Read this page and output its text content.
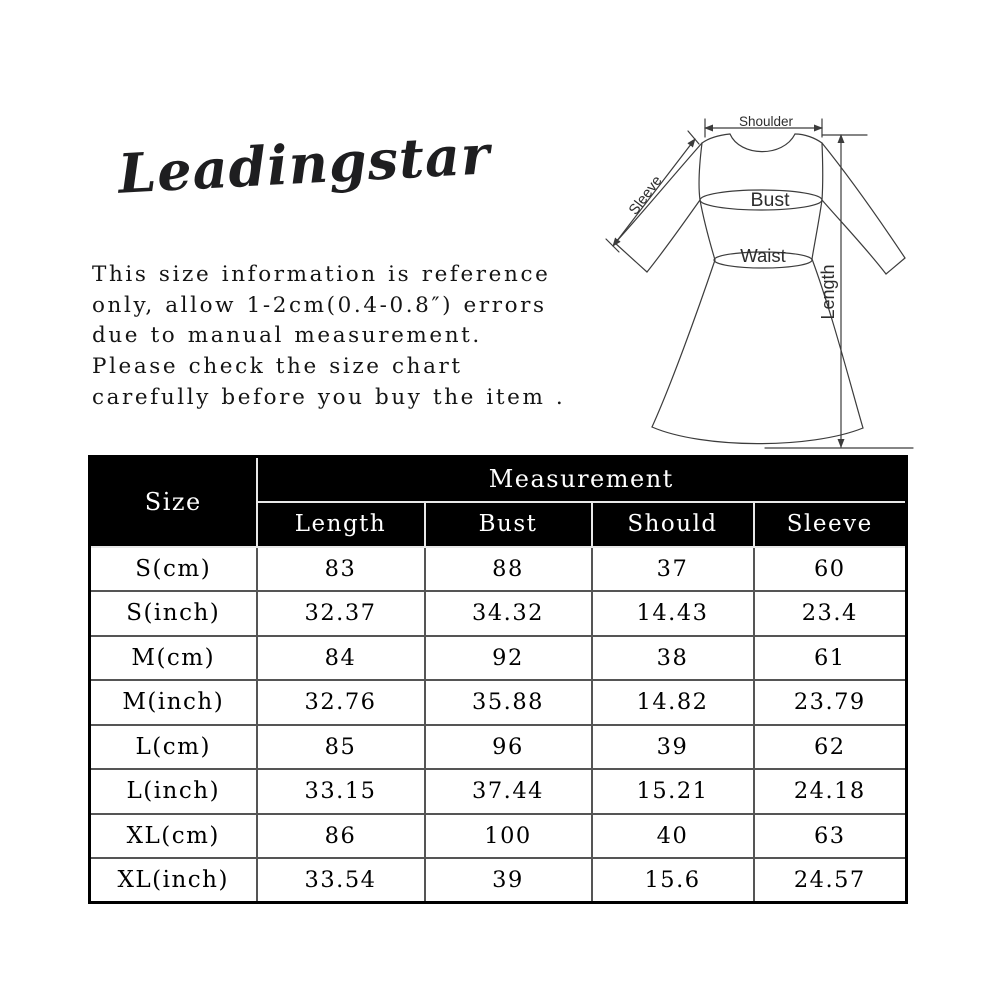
Leadingstar
This size information is reference
only, allow 1-2cm(0.4-0.8″) errors
due to manual measurement.
Please check the size chart
carefully before you buy the item .
Shoulder
Sleeve	Bust
Waist
Length
Size	Measurement			
	Length	Bust	Should	Sleeve
S(cm)	83	88	37	60
S(inch)	32.37	34.32	14.43	23.4
M(cm)	84	92	38	61
M(inch)	32.76	35.88	14.82	23.79
L(cm)	85	96	39	62
L(inch)	33.15	37.44	15.21	24.18
XL(cm)	86	100	40	63
XL(inch)	33.54	39	15.6	24.57
